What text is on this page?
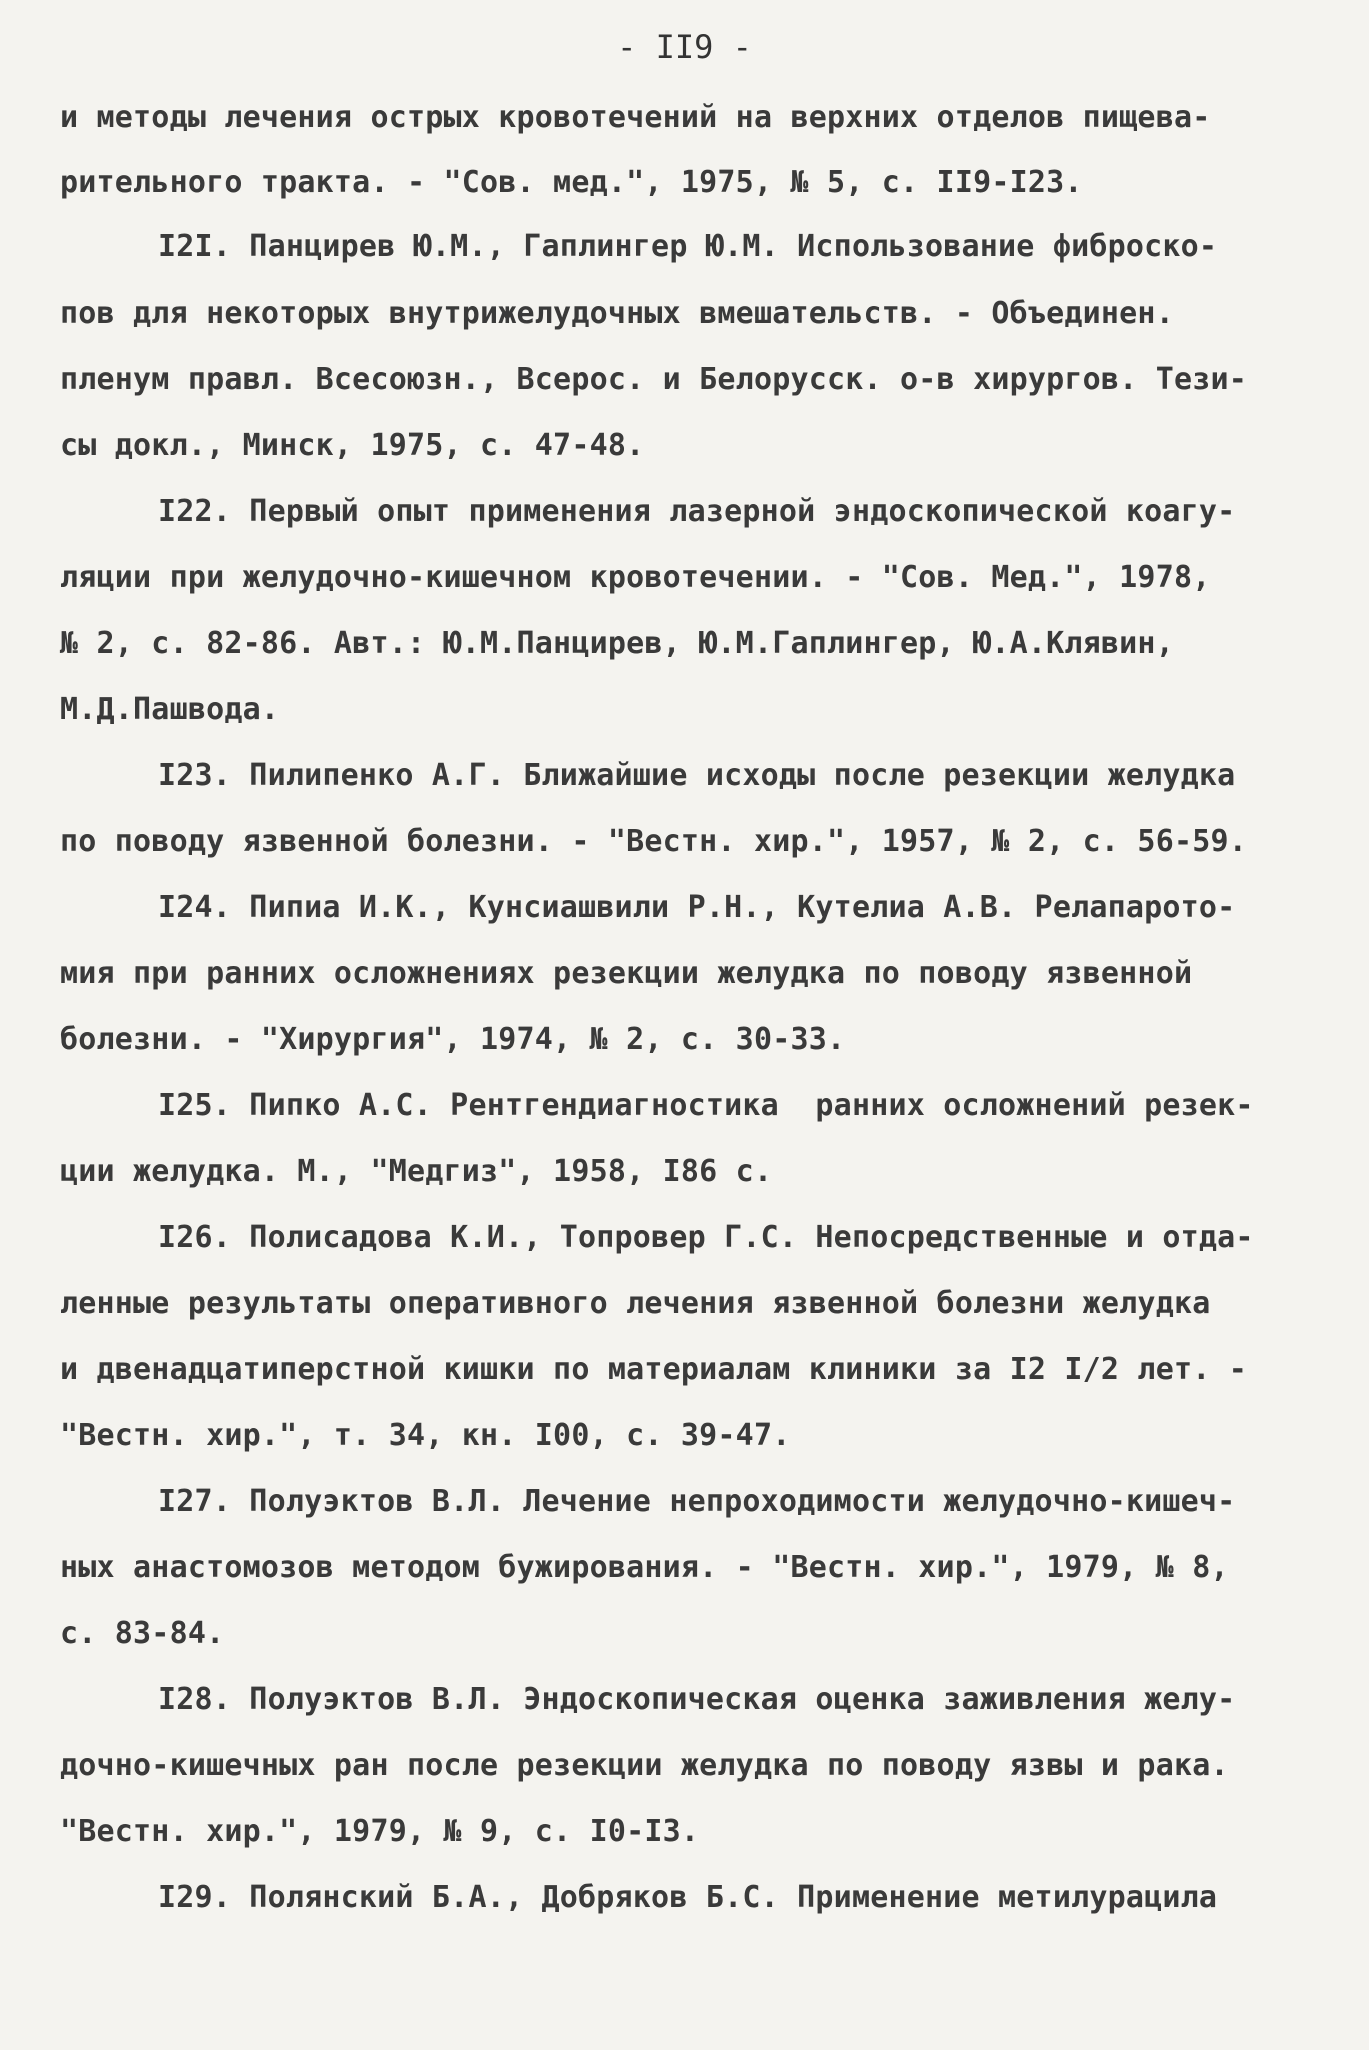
- II9 -
и методы лечения острых кровотечений на верхних отделов пищева-
рительного тракта. - "Сов. мед.", 1975, № 5, с. II9-I23.
I2I. Панцирев Ю.М., Гаплингер Ю.М. Использование фиброско-
пов для некоторых внутрижелудочных вмешательств. - Объединен.
пленум правл. Всесоюзн., Всерос. и Белорусск. о-в хирургов. Тези-
сы докл., Минск, 1975, с. 47-48.
I22. Первый опыт применения лазерной эндоскопической коагу-
ляции при желудочно-кишечном кровотечении. - "Сов. Мед.", 1978,
№ 2, с. 82-86. Авт.: Ю.М.Панцирев, Ю.М.Гаплингер, Ю.А.Клявин,
М.Д.Пашвода.
I23. Пилипенко А.Г. Ближайшие исходы после резекции желудка
по поводу язвенной болезни. - "Вестн. хир.", 1957, № 2, с. 56-59.
I24. Пипиа И.К., Кунсиашвили Р.Н., Кутелиа А.В. Релапарото-
мия при ранних осложнениях резекции желудка по поводу язвенной
болезни. - "Хирургия", 1974, № 2, с. 30-33.
I25. Пипко А.С. Рентгендиагностика  ранних осложнений резек-
ции желудка. М., "Медгиз", 1958, I86 с.
I26. Полисадова К.И., Топровер Г.С. Непосредственные и отда-
ленные результаты оперативного лечения язвенной болезни желудка
и двенадцатиперстной кишки по материалам клиники за I2 I/2 лет. -
"Вестн. хир.", т. 34, кн. I00, с. 39-47.
I27. Полуэктов В.Л. Лечение непроходимости желудочно-кишеч-
ных анастомозов методом бужирования. - "Вестн. хир.", 1979, № 8,
с. 83-84.
I28. Полуэктов В.Л. Эндоскопическая оценка заживления желу-
дочно-кишечных ран после резекции желудка по поводу язвы и рака.
"Вестн. хир.", 1979, № 9, с. I0-I3.
I29. Полянский Б.А., Добряков Б.С. Применение метилурацила
